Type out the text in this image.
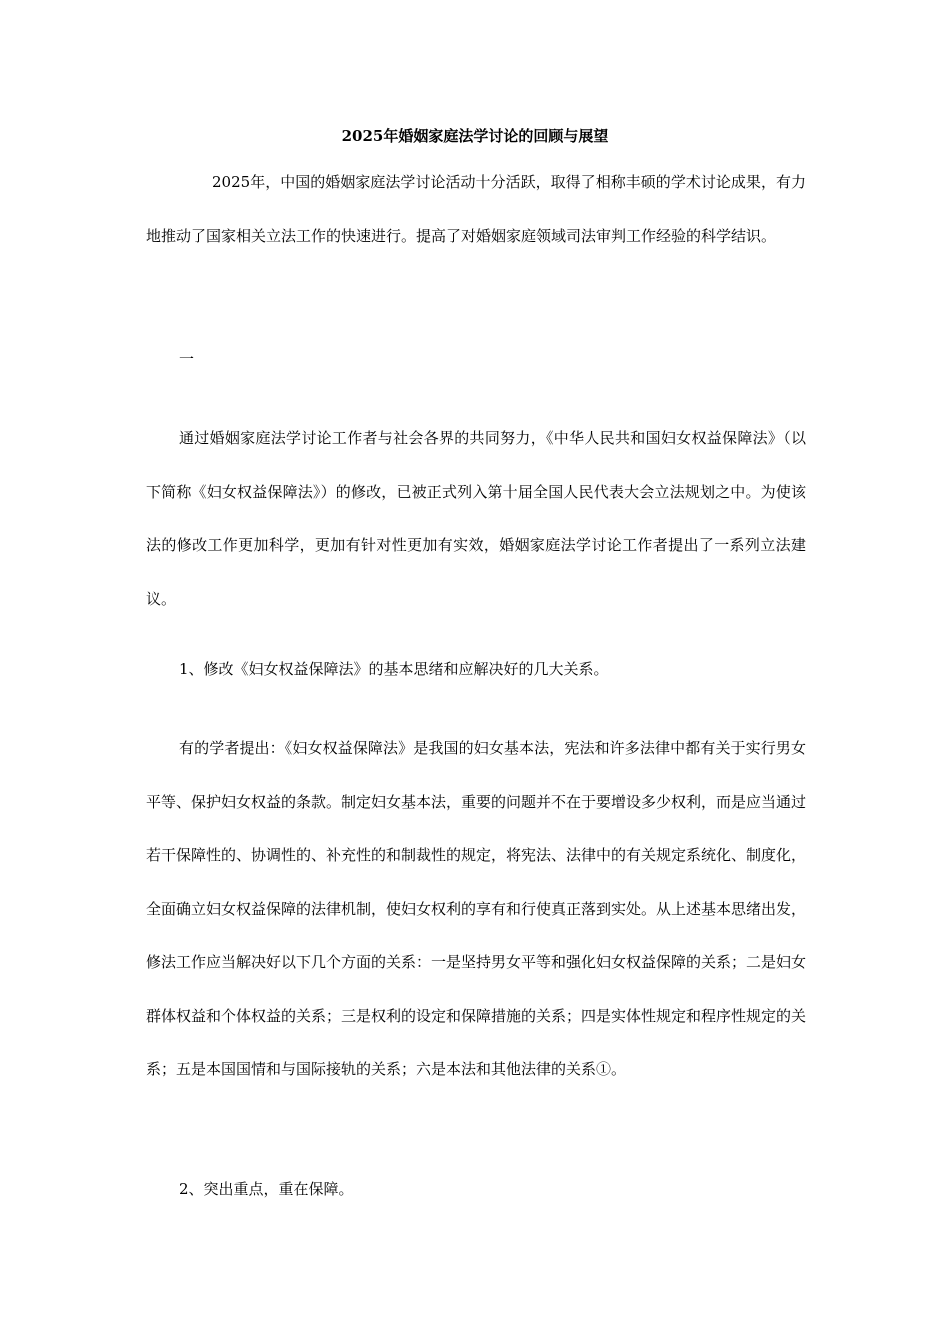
2025年婚姻家庭法学讨论的回顾与展望

2025年，中国的婚姻家庭法学讨论活动十分活跃，取得了相称丰硕的学术讨论成果，有力地推动了国家相关立法工作的快速进行。提高了对婚姻家庭领域司法审判工作经验的科学结识。

一

通过婚姻家庭法学讨论工作者与社会各界的共同努力，《中华人民共和国妇女权益保障法》（以下简称《妇女权益保障法》）的修改，已被正式列入第十届全国人民代表大会立法规划之中。为使该法的修改工作更加科学，更加有针对性更加有实效，婚姻家庭法学讨论工作者提出了一系列立法建议。

1、修改《妇女权益保障法》的基本思绪和应解决好的几大关系。

有的学者提出：《妇女权益保障法》是我国的妇女基本法，宪法和许多法律中都有关于实行男女平等、保护妇女权益的条款。制定妇女基本法，重要的问题并不在于要增设多少权利，而是应当通过若干保障性的、协调性的、补充性的和制裁性的规定，将宪法、法律中的有关规定系统化、制度化，全面确立妇女权益保障的法律机制，使妇女权利的享有和行使真正落到实处。从上述基本思绪出发，修法工作应当解决好以下几个方面的关系：一是坚持男女平等和强化妇女权益保障的关系；二是妇女群体权益和个体权益的关系；三是权利的设定和保障措施的关系；四是实体性规定和程序性规定的关系；五是本国国情和与国际接轨的关系；六是本法和其他法律的关系①。

2、突出重点，重在保障。
